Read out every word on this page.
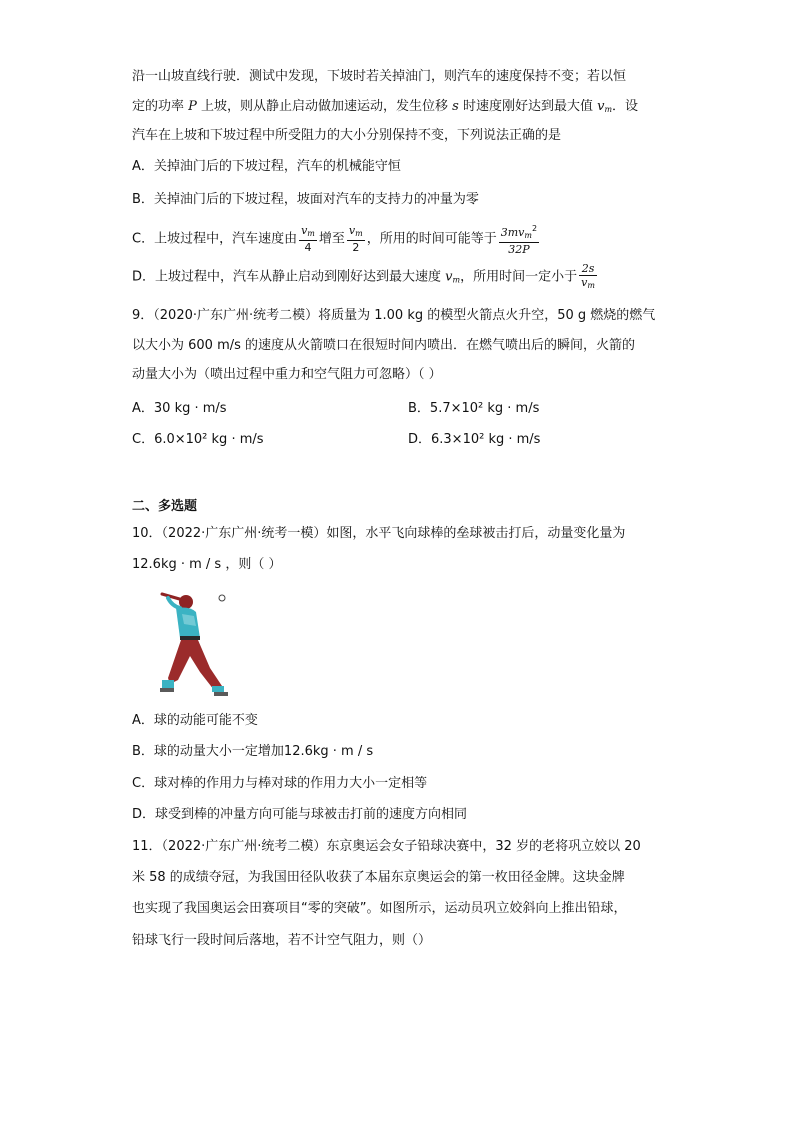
沿一山坡直线行驶．测试中发现，下坡时若关掉油门，则汽车的速度保持不变；若以恒
定的功率 P 上坡，则从静止启动做加速运动，发生位移 s 时速度刚好达到最大值 $v_m$．设
汽车在上坡和下坡过程中所受阻力的大小分别保持不变，下列说法正确的是
A．关掉油门后的下坡过程，汽车的机械能守恒
B．关掉油门后的下坡过程，坡面对汽车的支持力的冲量为零
C．上坡过程中，汽车速度由 $\frac{v_m}{4}$ 增至 $\frac{v_m}{2}$ ，所用的时间可能等于 $\frac{3mv_m^2}{32P}$
D．上坡过程中，汽车从静止启动到刚好达到最大速度 $v_m$，所用时间一定小于 $\frac{2s}{v_m}$
9．（2020·广东广州·统考二模）将质量为 1.00 kg 的模型火箭点火升空，50 g 燃烧的燃气
以大小为 600 m/s 的速度从火箭喷口在很短时间内喷出．在燃气喷出后的瞬间，火箭的
动量大小为（喷出过程中重力和空气阻力可忽略）（ ）
A．30 kg · m/s	B．5.7×10² kg · m/s
C．6.0×10² kg · m/s	D．6.3×10² kg · m/s
二、多选题
10．（2022·广东广州·统考一模）如图，水平飞向球棒的垒球被击打后，动量变化量为
12.6kg · m / s ，则（ ）
A．球的动能可能不变
B．球的动量大小一定增加12.6kg · m / s
C．球对棒的作用力与棒对球的作用力大小一定相等
D．球受到棒的冲量方向可能与球被击打前的速度方向相同
11．（2022·广东广州·统考二模）东京奥运会女子铅球决赛中，32 岁的老将巩立姣以 20
米 58 的成绩夺冠，为我国田径队收获了本届东京奥运会的第一枚田径金牌。这块金牌
也实现了我国奥运会田赛项目“零的突破”。如图所示，运动员巩立姣斜向上推出铅球，
铅球飞行一段时间后落地，若不计空气阻力，则（）
